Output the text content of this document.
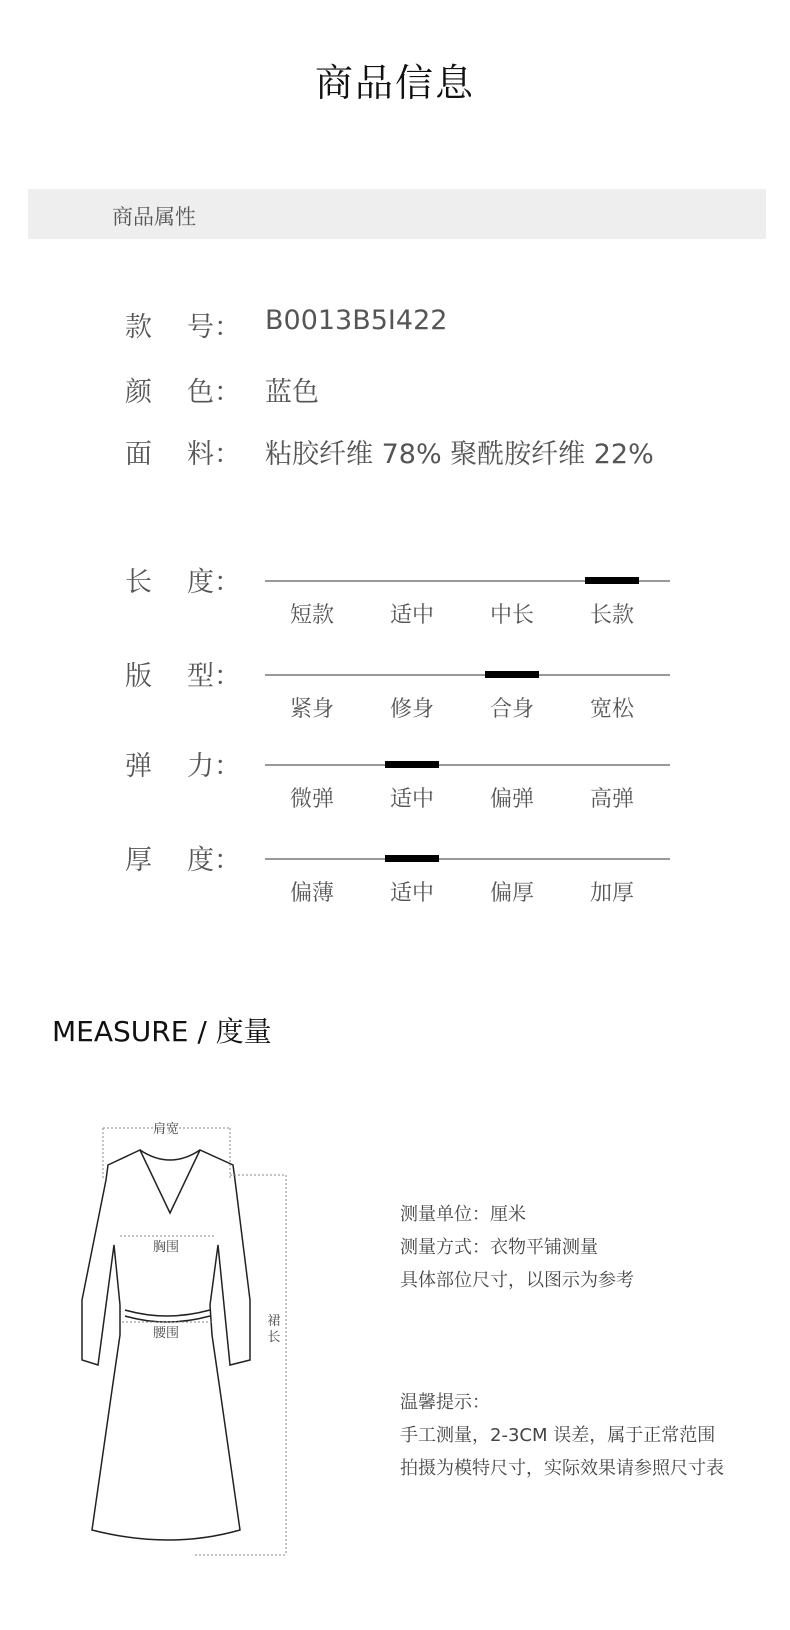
商品信息
商品属性
款 号： B0013B5I422
颜 色： 蓝色
面 料： 粘胶纤维 78% 聚酰胺纤维 22%
长 度：
短款	适中	中长	长款
版 型：
紧身	修身	合身	宽松
弹 力：
微弹	适中	偏弹	高弹
厚 度：
偏薄	适中	偏厚	加厚
MEASURE / 度量
肩宽
胸围
腰围
裙
长
测量单位：厘米
测量方式：衣物平铺测量
具体部位尺寸，以图示为参考
温馨提示：
手工测量，2-3CM 误差，属于正常范围
拍摄为模特尺寸，实际效果请参照尺寸表
